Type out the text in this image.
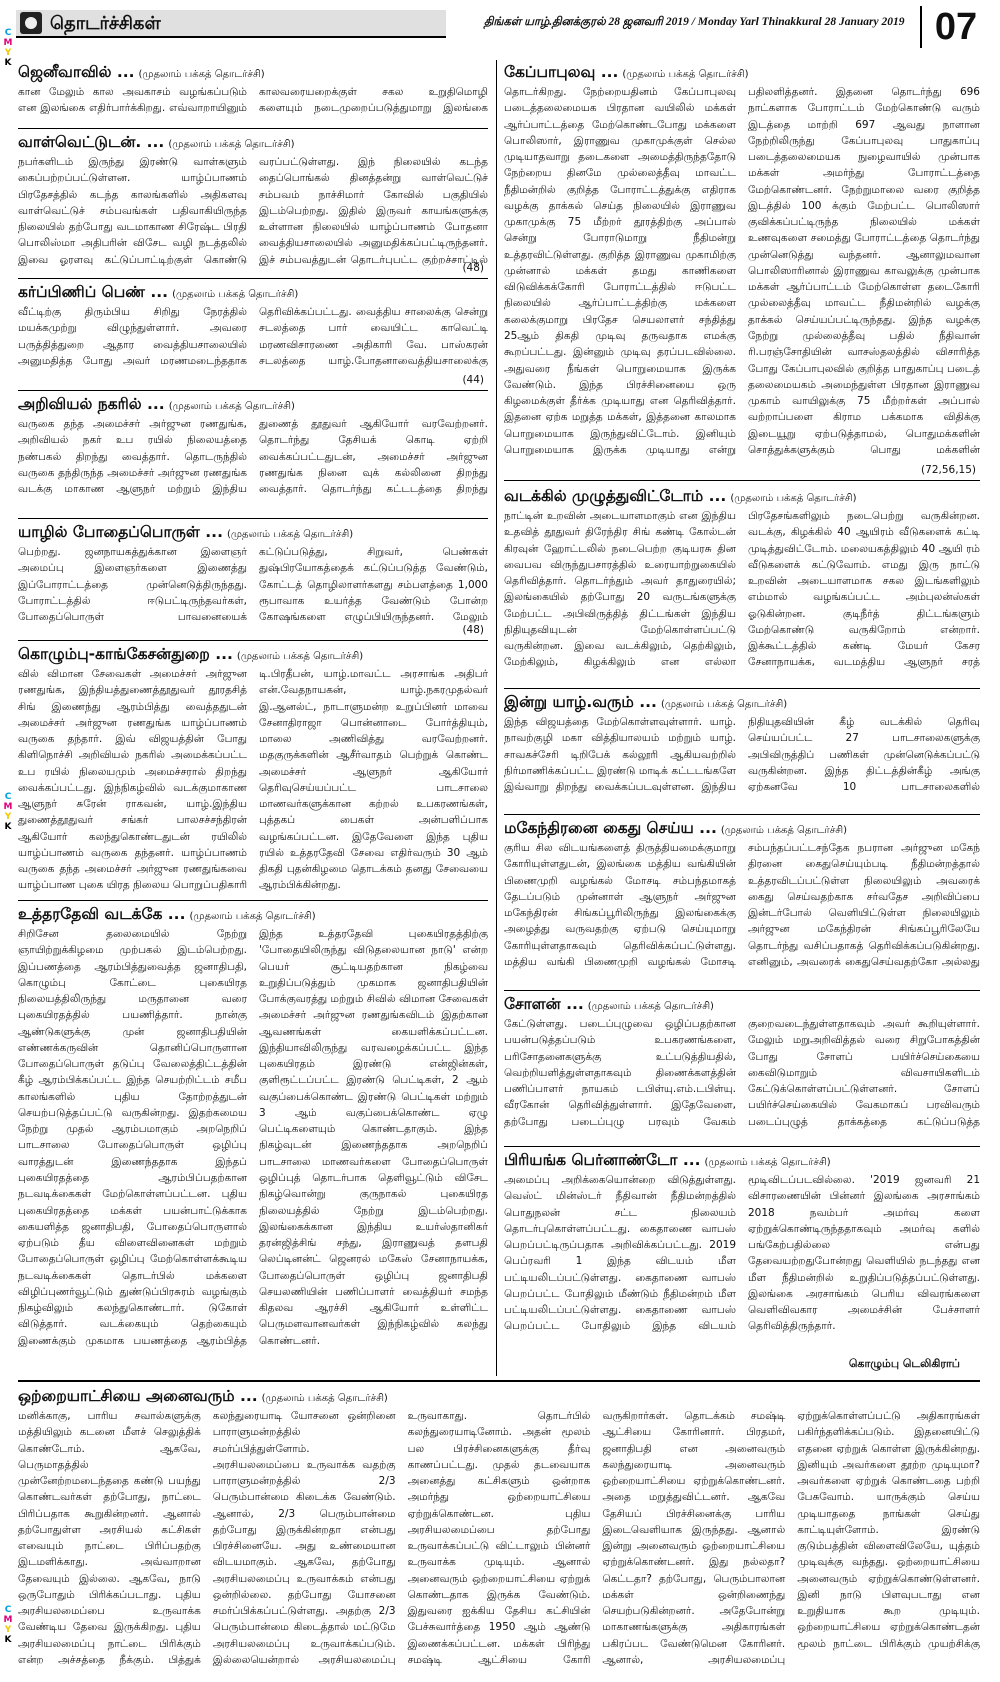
C
M
Y
K
C
M
Y
K
C
M
Y
K
தொடர்ச்சிகள்	திங்கள் யாழ்.தினக்குரல் 28 ஜனவரி 2019 / Monday Yarl Thinakkural 28 January 2019 07
ஜெனீவாவில் ... (முதலாம் பக்கத் தொடர்ச்சி)

கான மேலும் கால அவகாசம் வழங்கப்படும் என இலங்கை எதிர்பார்க்கிறது. எவ்வாறாயினும் காலவரையறைக்குள் சகல உறுதிமொழி களையும் நடைமுறைப்படுத்துமாறு இலங்கை

வாள்வெட்டுடன். ... (முதலாம் பக்கத் தொடர்ச்சி)

நபர்களிடம் இருந்து இரண்டு வாள்களும் கைப்பற்றப்பட்டுள்ளன. யாழ்ப்பாணம் பிரதேசத்தில் கடந்த காலங்களில் அதிகளவு வாள்வெட்டுச் சம்பவங்கள் பதிவாகியிருந்த நிலையில் தற்போது வடமாகாண சிரேஷ்ட பிரதி பொலிஸ்மா அதிபரின் விசேட வழி நடத்தலில் இவை ஓரளவு கட்டுப்பாட்டிற்குள் கொண்டு வரப்பட்டுள்ளது. இந் நிலையில் கடந்த தைப்பொங்கல் தினத்தன்று வாள்வெட்டுச் சம்பவம் நாச்சிமார் கோவில் பகுதியில் இடம்பெற்றது. இதில் இருவர் காயங்களுக்கு உள்ளான நிலையில் யாழ்ப்பாணம் போதனா வைத்தியசாலையில் அனுமதிக்கப்பட்டிருந்தனர். இச் சம்பவத்துடன் தொடர்புபட்ட குற்றச்சாட்டில்

(48)
கர்ப்பிணிப் பெண் ... (முதலாம் பக்கத் தொடர்ச்சி)

வீட்டிற்கு திரும்பிய சிறிது நேரத்தில் மயக்கமுற்று விழுந்துள்ளார். அவரை பருத்தித்துறை ஆதார வைத்தியசாலையில் அனுமதித்த போது அவர் மரணமடைந்ததாக தெரிவிக்கப்பட்டது. வைத்திய சாலைக்கு சென்று சடலத்தை பார் வையிட்ட காவெட்டி மரணவிசாரணை அதிகாரி வே. பாஸ்கரன் சடலத்தை யாழ்.போதனாவைத்தியசாலைக்கு

(44)
அறிவியல் நகரில் ... (முதலாம் பக்கத் தொடர்ச்சி)

வருகை தந்த அமைச்சர் அர்ஜுன ரணதுங்க, அறிவியல் நகர் உப ரயில் நிலையத்தை நண்பகல் திறந்து வைத்தார். தொடருந்தில் வருகை தந்திருந்த அமைச்சர் அர்ஜுன ரணதுங்க வடக்கு மாகாண ஆளுநர் மற்றும் இந்திய துணைத் தூதுவர் ஆகியோர் வரவேற்றனர். தொடர்ந்து தேசியக் கொடி ஏற்றி வைக்கப்பட்டதுடன், அமைச்சர் அர்ஜுன ரணதுங்க நினை வுக் கல்லினை திறந்து வைத்தார். தொடர்ந்து கட்டடத்தை திறந்து

யாழில் போதைப்பொருள் ... (முதலாம் பக்கத் தொடர்ச்சி)

பெற்றது. ஜனநாயகத்துக்கான இளைஞர் அமைப்பு இளைஞர்களை இணைத்து இப்போராட்டத்தை முன்னெடுத்திருந்தது. போராட்டத்தில் ஈடுபட்டிருந்தவர்கள், போதைப்பொருள் பாவனையைக் கட்டுப்படுத்து, சிறுவர், பெண்கள் துஷ்பிரயோகத்தைக் கட்டுப்படுத்த வேண்டும், கோட்டத் தொழிலாளர்களது சம்பளத்தை 1,000 ரூபாவாக உயர்த்த வேண்டும் போன்ற கோஷங்களை எழுப்பியிருந்தனர். மேலும்

(48)
கொழும்பு-காங்கேசன்துறை ... (முதலாம் பக்கத் தொடர்ச்சி)

வில் விமான சேவைகள் அமைச்சர் அர்ஜுன ரணதுங்க, இந்தியத்துணைத்தூதுவர் தூரதசித் சிங் இணைந்து ஆரம்பித்து வைத்ததுடன் அமைச்சர் அர்ஜுன ரணதுங்க யாழ்ப்பாணம் வருகை தந்தார். இவ் விஜயத்தின் போது கிளிநொச்சி அறிவியல் நகரில் அமைக்கப்பட்ட உப ரயில் நிலையமும் அமைச்சரால் திறந்து வைக்கப்பட்டது. இந்நிகழ்வில் வடக்குமாகாண ஆளுநர் சுரேன் ராகவன், யாழ்.இந்திய துணைத்தூதுவர் சங்கர் பாலசச்சந்திரன் ஆகியோர் கலந்துகொண்டதுடன் ரயிலில் யாழ்ப்பாணம் வருகை தந்தனர். யாழ்ப்பாணம் வருகை தந்த அமைச்சர் அர்ஜுன ரணதுங்கவை யாழ்ப்பாண புகை யிரத நிலைய பொறுப்பதிகாரி டி.பிரதீபன், யாழ்.மாவட்ட அரசாங்க அதிபர் என்.வேதநாயகன், யாழ்.நகரமுதல்வர் இ.ஆனல்ட், நாடாளுமன்ற உறுப்பினர் மாவை சேனாதிராஜா பொன்னாடை போர்த்தியும், மாலை அணிவித்து வரவேற்றனர். மதகுருக்களின் ஆசீர்வாதம் பெற்றுக் கொண்ட அமைச்சர் ஆளுநர் ஆகியோர் தெரிவுசெய்யப்பட்ட பாடசாலை மாணவர்களுக்கான கற்றல் உபகரணங்கள், புத்தகப் பைகள் அன்பளிப்பாக வழங்கப்பட்டன. இதேவேளை இந்த புதிய ரயில் உத்தரதேவி சேவை எதிர்வரும் 30 ஆம் திகதி புதன்கிழமை தொடக்கம் தனது சேவையை ஆரம்பிக்கின்றது.

உத்தரதேவி வடக்கே ... (முதலாம் பக்கத் தொடர்ச்சி)

சிறிசேன தலைமையில் நேற்று ஞாயிற்றுக்கிழமை முற்பகல் இடம்பெற்றது. இப்பணத்தை ஆரம்பித்துவைத்த ஜனாதிபதி, கொழும்பு கோட்டை புகையிரத நிலையத்திலிருந்து மருதானை வரை புகையிரதத்தில் பயணித்தார். நான்கு ஆண்டுகளுக்கு முன் ஜனாதிபதியின் எண்ணக்கருவின் தொனிப்பொருளான போதைப்பொருள் தடுப்பு வேலைத்திட்டத்தின் கீழ் ஆரம்பிக்கப்பட்ட இந்த செயற்றிட்டம் சமீப காலங்களில் புதிய தோற்றத்துடன் செயற்படுத்தப்பட்டு வருகின்றது. இதற்கமைய நேற்று முதல் ஆரம்பமாகும் அறநெறிப் பாடசாலை போதைப்பொருள் ஒழிப்பு வாரத்துடன் இணைந்ததாக இந்தப் புகையிரதத்தை ஆரம்பிப்பதற்கான நடவடிக்கைகள் மேற்கொள்ளப்பட்டன. புதிய புகையிரதத்தை மக்கள் பயன்பாட்டுக்காக கையளித்த ஜனாதிபதி, போதைப்பொருளால் ஏற்படும் தீய விளைவினைகள் மற்றும் போதைப்பொருள் ஒழிப்பு மேற்கொள்ளக்கூடிய நடவடிக்கைகள் தொடர்பில் மக்களை விழிப்புணர்வூட்டும் துண்டுப்பிரசுரம் வழங்கும் நிகழ்விலும் கலந்துகொண்டார். டுகோள் விடுத்தார். வடக்கையும் தெற்கையும் இணைக்கும் முகமாக பயணத்தை ஆரம்பித்த இந்த உத்தரதேவி புகையிரதத்திற்கு 'போதையிலிருந்து விடுதலையான நாடு' என்ற பெயர் சூட்டியதற்கான நிகழ்வை உறுதிப்படுத்தும் முகமாக ஜனாதிபதியின் போக்குவரத்து மற்றும் சிவில் விமான சேவைகள் அமைச்சர் அர்ஜுன ரணதுங்கவிடம் இதற்கான ஆவணங்கள் கையளிக்கப்பட்டன. இந்தியாவிலிருந்து வரவழைக்கப்பட்ட இந்த புகையிரதம் இரண்டு என்ஜின்கள், குளிரூட்டப்பட்ட இரண்டு பெட்டிகள், 2 ஆம் வகுப்பைக்கொண்ட இரண்டு பெட்டிகள் மற்றும் 3 ஆம் வகுப்பைக்கொண்ட ஏழு பெட்டிகளையும் கொண்டதாகும். இந்த நிகழ்வுடன் இணைந்ததாக அறநெறிப் பாடசாலை மாணவர்களை போதைப்பொருள் ஒழிப்புத் தொடர்பாக தெளிவூட்டும் விசேட நிகழ்வொன்று குருநாகல் புகையிரத நிலையத்தில் நேற்று இடம்பெற்றது. இலங்கைக்கான இந்திய உயர்ஸ்தானிகர் தரன்ஜித்சிங் சந்து, இராணுவத் தளபதி லெப்டினன்ட் ஜெனரல் மகேஸ் சேனாநாயக்க, போதைப்பொருள் ஒழிப்பு ஜனாதிபதி செயலணியின் பணிப்பாளர் வைத்தியர் சமந்த கிதலவ ஆரச்சி ஆகியோர் உள்ளிட்ட பெருமளவானவர்கள் இந்நிகழ்வில் கலந்து கொண்டனர்.

கேப்பாபுலவு ... (முதலாம் பக்கத் தொடர்ச்சி)

தொடர்கிறது. நேற்றையதினம் கேப்பாபுலவு படைத்தலைமையக பிரதான வயிலில் மக்கள் ஆர்ப்பாட்டத்தை மேற்கொண்டபோது மக்களை பொலிஸார், இராணுவ முகாமுக்குள் செல்ல முடியாதவாறு தடைகளை அமைத்திருந்ததோடு நேற்றைய தினமே முல்லைத்தீவு மாவட்ட நீதிமன்றில் குறித்த போராட்டத்துக்கு எதிராக வழக்கு தாக்கல் செய்த நிலையில் இராணுவ முகாமுக்கு 75 மீற்றர் தூரத்திற்கு அப்பால் சென்று போராடுமாறு நீதிமன்று உத்தரவிட்டுள்ளது. குறித்த இராணுவ முகாமிற்கு முன்னால் மக்கள் தமது காணிகளை விடுவிக்கக்கோரி போராட்டத்தில் ஈடுபட்ட நிலையில் ஆர்ப்பாட்டத்திற்கு மக்களை கலைக்குமாறு பிரதேச செயலாளர் சந்தித்து 25ஆம் திகதி முடிவு தருவதாக எமக்கு கூறப்பட்டது. இன்னும் முடிவு தரப்படவில்லை. அதுவரை நீங்கள் பொறுமையாக இருக்க வேண்டும். இந்த பிரச்சினையை ஒரு கிழமைக்குள் தீர்க்க முடியாது என தெரிவித்தார். இதனை ஏற்க மறுத்த மக்கள், இத்தனை காலமாக பொறுமையாக இருந்துவிட்டோம். இனியும் பொறுமையாக இருக்க முடியாது என்று பதிலளித்தனர். இதனை தொடர்ந்து 696 நாட்களாக போராட்டம் மேற்கொண்டு வரும் இடத்தை மாற்றி 697 ஆவது நாளான நேற்றிலிருந்து கேப்பாபுலவு பாதுகாப்பு படைத்தலைமையக நுழைவாயில் முன்பாக மக்கள் அமர்ந்து போராட்டத்தை மேற்கொண்டனர். நேற்றுமாலை வரை குறித்த இடத்தில் 100 க்கும் மேற்பட்ட பொலிஸார் குவிக்கப்பட்டிருந்த நிலையில் மக்கள் உணவுகளை சமைத்து போராட்டத்தை தொடர்ந்து முன்னெடுத்து வந்தனர். ஆனாலுமவான பொலிஸாரினால் இராணுவ காவலுக்கு முன்பாக மக்கள் ஆர்ப்பாட்டம் மேற்கொள்ள தடைகோரி முல்லைத்தீவு மாவட்ட நீதிமன்றில் வழக்கு தாக்கல் செய்யப்பட்டிருந்தது. இந்த வழக்கு நேற்று முல்லைத்தீவு பதில் நீதிவான் ரி.பரஞ்சோதியின் வாசஸ்தலத்தில் விசாரித்த போது கேப்பாபுலவில் குறித்த பாதுகாப்பு படைத் தலைமையகம் அமைந்துள்ள பிரதான இராணுவ முகாம் வாயிலுக்கு 75 மீற்றர்கள் அப்பால் வற்றாப்பளை கிராம பக்கமாக விதிக்கு இடையூறு ஏற்படுத்தாமல், பொதுமக்களின் சொத்துக்களுக்கும் பொது மக்களின்

(72,56,15)
வடக்கில் முழுத்துவிட்டோம் ... (முதலாம் பக்கத் தொடர்ச்சி)

நாட்டின் உறவின் அடையாளமாகும் என இந்திய உதவித் தூதுவர் திரேந்திர சிங் கண்டி கோல்டன் கிரவுன் ஹோட்டலில் நடைபெற்ற குடியரசு தின வைபவ விருந்துபசாரத்தில் உரையாற்றுகையில் தெரிவித்தார். தொடர்ந்தும் அவர் தாதுரையில்; இலங்கையில் தற்போது 20 வருடங்களுக்கு மேற்பட்ட அபிவிருத்தித் திட்டங்கள் இந்திய நிதியுதவியுடன் மேற்கொள்ளப்பட்டு வருகின்றன. இவை வடக்கிலும், தெற்கிலும், மேற்கிலும், கிழக்கிலும் என எல்லா பிரதேசங்களிலும் நடைபெற்று வருகின்றன. வடக்கு, கிழக்கில் 40 ஆயிரம் வீடுகளைக் கட்டி முடித்துவிட்டோம். மலையகத்திலும் 40 ஆயி ரம் வீடுகளைக் கட்டுவோம். எமது இரு நாட்டு உறவின் அடையாளமாக சகல இடங்களிலும் எம்மால் வழங்கப்பட்ட அம்புலன்ஸ்கள் ஓடுகின்றன. குடிநீர்த் திட்டங்களும் மேற்கொண்டு வருகிறோம் என்றார். இக்கூட்டத்தில் கண்டி மேயர் கேசர சேனாநாயக்க, வடமத்திய ஆளுநர் சரத்

இன்று யாழ்.வரும் ... (முதலாம் பக்கத் தொடர்ச்சி)

இந்த விஜயத்தை மேற்கொள்ளவுள்ளார். யாழ். நாவற்குழி மகா வித்தியாலயம் மற்றும் யாழ். சாவகச்சேரி டிறிபேக் கல்லூரி ஆகியவற்றில் நிர்மாணிக்கப்பட்ட இரண்டு மாடிக் கட்டடங்களே இவ்வாறு திறந்து வைக்கப்படவுள்ளன. இந்திய நிதியுதவியின் கீழ் வடக்கில் தெரிவு செய்யப்பட்ட 27 பாடசாலைகளுக்கு அபிவிருத்திப் பணிகள் முன்னெடுக்கப்பட்டு வருகின்றன. இந்த திட்டத்தின்கீழ் அங்கு ஏற்கனவே 10 பாடசாலைகளில்

மகேந்திரனை கைது செய்ய ... (முதலாம் பக்கத் தொடர்ச்சி)

குரிய சில விடயங்களைத் திருத்தியமைக்குமாறு கோரியுள்ளதுடன், இலங்கை மத்திய வங்கியின் பிணைமுறி வழங்கல் மோசடி சம்பந்தமாகத் தேடப்படும் முன்னாள் ஆளுநர் அர்ஜுன மகேந்திரன் சிங்கப்பூரிலிருந்து இலங்கைக்கு அழைத்து வருவதற்கு ஏற்படு செய்யுமாறு கோரியுள்ளதாகவும் தெரிவிக்கப்பட்டுள்ளது. மத்திய வங்கி பிணைமுறி வழங்கல் மோசடி சம்பந்தப்பட்டசந்தேக நபரான அர்ஜுன மகேந் திரனை கைதுசெய்யும்படி நீதிமன்றத்தால் உத்தரவிடப்பட்டுள்ள நிலையிலும் அவரைக் கைது செய்வதற்காக சர்வதேச அறிவிப்பை இன்டர்போல் வெளியிட்டுள்ள நிலையிலும் அர்ஜுன மகேந்திரன் சிங்கப்பூரிலேயே தொடர்ந்து வசிப்பதாகத் தெரிவிக்கப்படுகின்றது. எனினும், அவரைக் கைதுசெய்வதற்கோ அல்லது

சோளன் ... (முதலாம் பக்கத் தொடர்ச்சி)

கேட்டுள்ளது. படைப்புழுவை ஒழிப்பதற்கான பயன்படுத்தப்படும் உபகரணங்களை, பரிசோதனைகளுக்கு உட்படுத்தியதில், வெற்றியளித்துள்ளதாகவும் திணைக்களத்தின் பணிப்பாளர் நாயகம் டபிள்யு.எம்.டபிள்யு. வீரகோன் தெரிவித்துள்ளார். இதேவேளை, தற்போது படைப்புழு பரவும் வேகம் குறைவடைந்துள்ளதாகவும் அவர் கூறியுள்ளார். மேலும் மறுஅறிவித்தல் வரை சிறுபோகத்தின் போது சோளப் பயிர்ச்செய்கையை கைவிடுமாறும் விவசாயிகளிடம் கேட்டுக்கொள்ளப்பட்டுள்ளனர். சோளப் பயிர்ச்செய்கையில் வேகமாகப் பரவிவரும் படைப்புழுத் தாக்கத்தை கட்டுப்படுத்த

பிரியங்க பெர்னாண்டோ ... (முதலாம் பக்கத் தொடர்ச்சி)

அமைப்பு அறிக்கையொன்றை விடுத்துள்ளது. வெஸ்ட் மின்ஸ்டர் நீதிவான் நீதிமன்றத்தில் பொதுநலன் சட்ட நிலையம் தொடர்புகொள்ளப்பட்டது. கைதாணை வாபஸ் பெறப்பட்டிருப்பதாக அறிவிக்கப்பட்டது. 2019 பெப்ரவரி 1 இந்த விடயம் மீள பட்டியலிடப்பட்டுள்ளது. கைதாணை வாபஸ் பெறப்பட்ட போதிலும் மீண்டும் நீதிமன்றம் மீள பட்டியலிடப்பட்டுள்ளது. கைதாணை வாபஸ் பெறப்பட்ட போதிலும் இந்த விடயம் மூடிவிடப்படவில்லை. '2019 ஜனவரி 21 விசாரணையின் பின்னர் இலங்கை அரசாங்கம் 2018 நவம்பர் அமர்வு களை ஏற்றுக்கொண்டிருந்ததாகவும் அமர்வு களில் பங்கேற்பதில்லை என்பது தேவையற்றதுபோன்றது வெளியில் நடந்தது என மீள நீதிமன்றில் உறுதிப்படுத்தப்பட்டுள்ளது. இலங்கை அரசாங்கம் பெரிய விவரங்களை வெளிவிவகார அமைச்சின் பேச்சாளர் தெரிவித்திருந்தார்.

கொழும்பு டெலிகிராப்
ஒற்றையாட்சியை அனைவரும் ... (முதலாம் பக்கத் தொடர்ச்சி)

மனிக்காகு, பாரிய சவால்களுக்கு மத்தியிலும் கடனை மீளச் செலுத்திக் கொண்டோம். ஆகவே, பெருமாதத்தில் முன்னேற்றமடைந்ததை கண்டு பயந்து கொண்டவர்கள் தற்போது, நாட்டை பிரிப்பதாக கூறுகின்றனர். ஆனால் தற்போதுள்ள அரசியல் கட்சிகள் எவையும் நாட்டை பிரிப்பதற்கு இடமளிக்காது. அவ்வாறான தேவையும் இல்லை. ஆகவே, நாடு ஒருபோதும் பிரிக்கப்படாது. புதிய அரசியலமைப்பை உருவாக்க வேண்டிய தேவை இருக்கிறது. புதிய அரசியலமைப்பு நாட்டை பிரிக்கும் என்ற அச்சத்தை நீக்கும். பித்துக் கலந்துரையாடி யோசனை ஒன்றினை பாராளுமன்றத்தில் சமர்ப்பித்துள்ளோம். அரசியலமைப்பை உருவாக்க வதற்கு பாராளுமன்றத்தில் 2/3 பெரும்பான்மை கிடைக்க வேண்டும். ஆனால், 2/3 பெரும்பான்மை தற்போது இருக்கின்றதா என்பது பிரச்சினையே. அது உண்மையான விடயமாகும். ஆகவே, தற்போது அரசியலமைப்பு உருவாக்கம் என்பது ஒன்றில்லை. தற்போது யோசனை சமர்ப்பிக்கப்பட்டுள்ளது. அதற்கு 2/3 பெரும்பான்மை கிடைத்தால் மட்டுமே அரசியலமைப்பு உருவாக்கப்படும். இல்லையென்றால் அரசியலமைப்பு உருவாகாது. தொடர்பில் கலந்துரையாடினோம். அதன் மூலம் பல பிரச்சினைகளுக்கு தீர்வு காணப்பட்டது. முதல் தடவையாக அனைத்து கட்சிகளும் ஒன்றாக அமர்ந்து ஒற்றையாட்சியை ஏற்றுக்கொண்டன. புதிய அரசியலமைப்பை தற்போது உருவாக்கப்பட்டு விட்டாலும் பின்னர் உருவாக்க முடியும். ஆனால் அனைவரும் ஒற்றையாட்சியை ஏற்றுக் கொண்டதாக இருக்க வேண்டும். இதுவரை ஐக்கிய தேசிய கட்சியின் பேச்சுவார்த்தை 1950 ஆம் ஆண்டு இணைக்கப்பட்டன. மக்கள் பிரிந்து சமஷ்டி ஆட்சியை கோரி வருகிறார்கள். தொடக்கம் சமஷ்டி ஆட்சியை கோரினார். பிரதமர், ஜனாதிபதி என அனைவரும் கலந்துரையாடி அனைவரும் ஒற்றையாட்சியை ஏற்றுக்கொண்டனர். அதை மறுத்துவிட்டனர். ஆகவே தேசியப் பிரச்சினைக்கு பாரிய இடைவெளியாக இருந்தது. ஆனால் இன்று அனைவரும் ஒற்றையாட்சியை ஏற்றுக்கொண்டனர். இது நல்லதா? கெட்டதா? தற்போது, பெரும்பாலான மக்கள் ஒன்றிணைந்து செயற்படுகின்றனர். அதேபோன்று மாகாணங்களுக்கு அதிகாரங்கள் பகிரப்பட வேண்டுமென கோரினர். ஆனால், அரசியலமைப்பு ஏற்றுக்கொள்ளப்பட்டு அதிகாரங்கள் பகிர்ந்தளிக்கப்படும். இதனையிட்டு எதனை ஏற்றுக் கொள்ள இருக்கின்றது. இனியும் அவர்களை தூற்ற முடியுமா? அவர்களை ஏற்றுக் கொண்டதை பற்றி பேசுவோம். யாருக்கும் செய்ய முடியாததை நாங்கள் செய்து காட்டியுள்ளோம். இரண்டு குடும்பத்தின் விளைவிலேயே, யுத்தம் முடிவுக்கு வந்தது. ஒற்றையாட்சியை அனைவரும் ஏற்றுக்கொண்டுள்ளனர். இனி நாடு பிளவுபடாது என உறுதியாக கூற முடியும். ஒற்றையாட்சியை ஏற்றுக்கொண்டதன் மூலம் நாட்டை பிரிக்கும் முயற்சிக்கு
